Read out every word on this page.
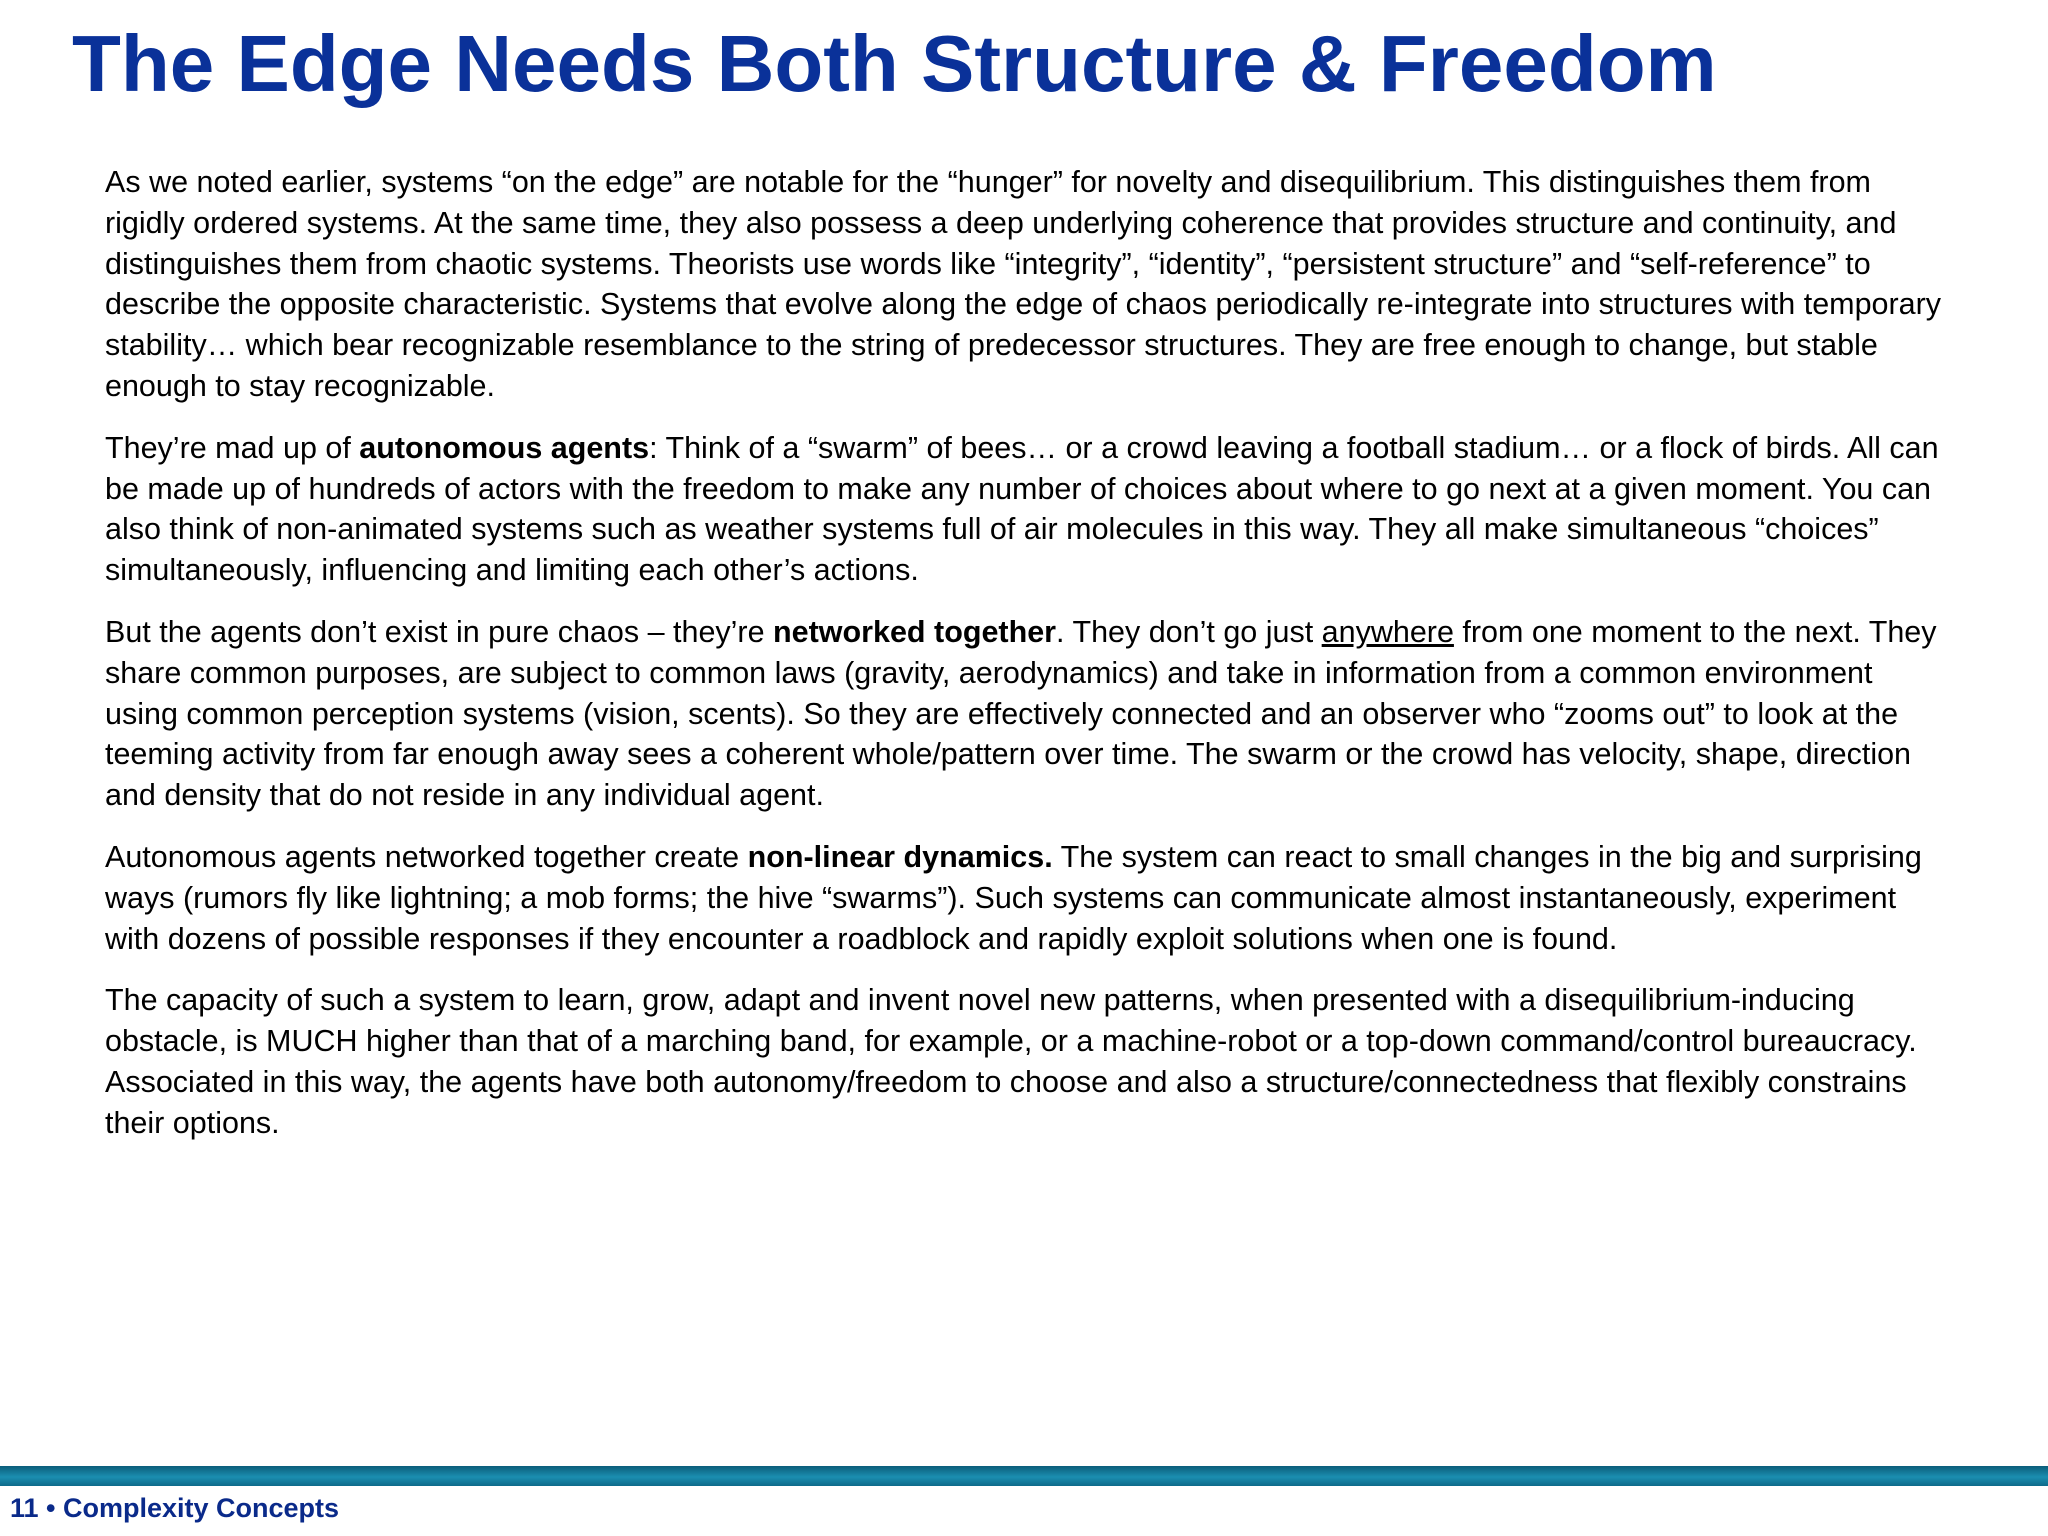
The Edge Needs Both Structure & Freedom

As we noted earlier, systems “on the edge” are notable for the “hunger” for novelty and disequilibrium. This distinguishes them from rigidly ordered systems. At the same time, they also possess a deep underlying coherence that provides structure and continuity, and distinguishes them from chaotic systems. Theorists use words like “integrity”, “identity”, “persistent structure” and “self-reference” to describe the opposite characteristic. Systems that evolve along the edge of chaos periodically re-integrate into structures with temporary stability… which bear recognizable resemblance to the string of predecessor structures. They are free enough to change, but stable enough to stay recognizable.

They’re mad up of autonomous agents: Think of a “swarm” of bees… or a crowd leaving a football stadium… or a flock of birds. All can be made up of hundreds of actors with the freedom to make any number of choices about where to go next at a given moment. You can also think of non-animated systems such as weather systems full of air molecules in this way. They all make simultaneous “choices” simultaneously, influencing and limiting each other’s actions.

But the agents don’t exist in pure chaos – they’re networked together. They don’t go just anywhere from one moment to the next. They share common purposes, are subject to common laws (gravity, aerodynamics) and take in information from a common environment using common perception systems (vision, scents). So they are effectively connected and an observer who “zooms out” to look at the teeming activity from far enough away sees a coherent whole/pattern over time. The swarm or the crowd has velocity, shape, direction and density that do not reside in any individual agent.

Autonomous agents networked together create non-linear dynamics. The system can react to small changes in the big and surprising ways (rumors fly like lightning; a mob forms; the hive “swarms”). Such systems can communicate almost instantaneously, experiment with dozens of possible responses if they encounter a roadblock and rapidly exploit solutions when one is found.

The capacity of such a system to learn, grow, adapt and invent novel new patterns, when presented with a disequilibrium-inducing obstacle, is MUCH higher than that of a marching band, for example, or a machine-robot or a top-down command/control bureaucracy. Associated in this way, the agents have both autonomy/freedom to choose and also a structure/connectedness that flexibly constrains their options.

11 • Complexity Concepts
